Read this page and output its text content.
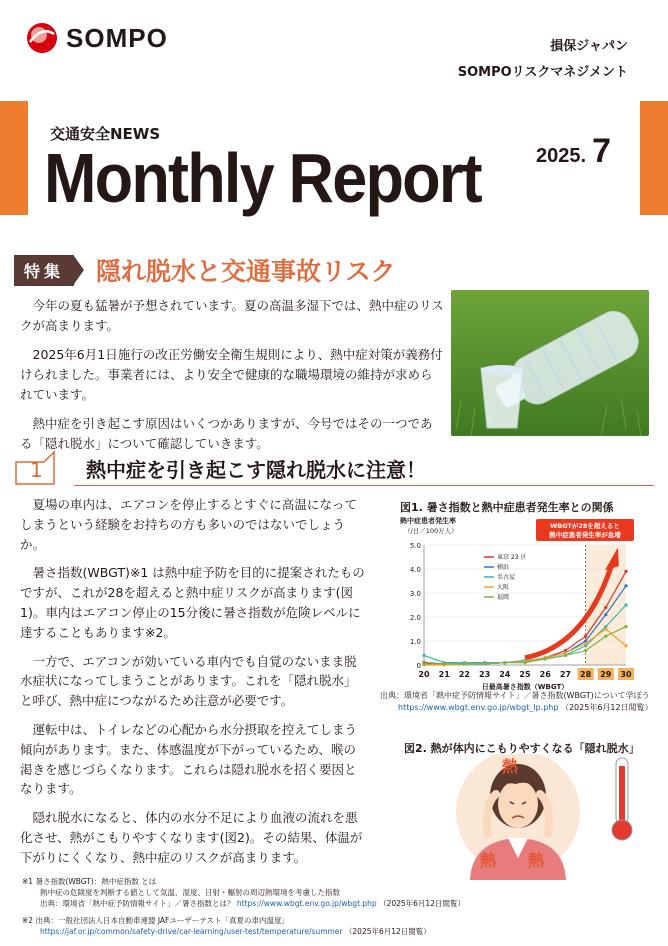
SOMPO	損保ジャパン
SOMPOリスクマネジメント
交通安全NEWS
Monthly Report	2025. 7
特集	隠れ脱水と交通事故リスク

今年の夏も猛暑が予想されています。夏の高温多湿下では、熱中症のリスクが高まります。

2025年6月1日施行の改正労働安全衛生規則により、熱中症対策が義務付けられました。事業者には、より安全で健康的な職場環境の維持が求められています。

熱中症を引き起こす原因はいくつかありますが、今号ではその一つである「隠れ脱水」について確認していきます。

1 熱中症を引き起こす隠れ脱水に注意！

夏場の車内は、エアコンを停止するとすぐに高温になってしまうという経験をお持ちの方も多いのではないでしょうか。

暑さ指数(WBGT)※1 は熱中症予防を目的に提案されたものですが、これが28を超えると熱中症リスクが高まります(図1)。車内はエアコン停止の15分後に暑さ指数が危険レベルに達することもあります※2。

一方で、エアコンが効いている車内でも自覚のないまま脱水症状になってしまうことがあります。これを「隠れ脱水」と呼び、熱中症につながるため注意が必要です。

運転中は、トイレなどの心配から水分摂取を控えてしまう傾向があります。また、体感温度が下がっているため、喉の渇きを感じづらくなります。これらは隠れ脱水を招く要因となります。

隠れ脱水になると、体内の水分不足により血液の流れを悪化させ、熱がこもりやすくなります(図2)。その結果、体温が下がりにくくなり、熱中症のリスクが高まります。

図1. 暑さ指数と熱中症患者発生率との関係
熱中症患者発生率
（/日／100万人）
0
1.0
2.0
3.0
4.0
5.0
20 21 22 23 24 25 26 27 28 29 30
日最高暑さ指数（WBGT）
東京 23 区
横浜
名古屋
大阪
福岡
WBGTが28を超えると
熱中症患者発生率が急増
出典：環境省「熱中症予防情報サイト」／暑さ指数(WBGT)について学ぼう
https://www.wbgt.env.go.jp/wbgt_lp.php （2025年6月12日閲覧）
図2. 熱が体内にこもりやすくなる「隠れ脱水」
熱
熱 熱
※1 暑さ指数(WBGT)：熱中症指数 とは
熱中症の危険度を判断する値として気温、湿度、日射・輻射の周辺熱環境を考慮した指数
出典：環境省「熱中症予防情報サイト」／暑さ指数とは？ https://www.wbgt.env.go.jp/wbgt.php （2025年6月12日閲覧）
※2 出典：一般社団法人日本自動車連盟 JAFユーザーテスト「真夏の車内温度」
https://jaf.or.jp/common/safety-drive/car-learning/user-test/temperature/summer （2025年6月12日閲覧）
